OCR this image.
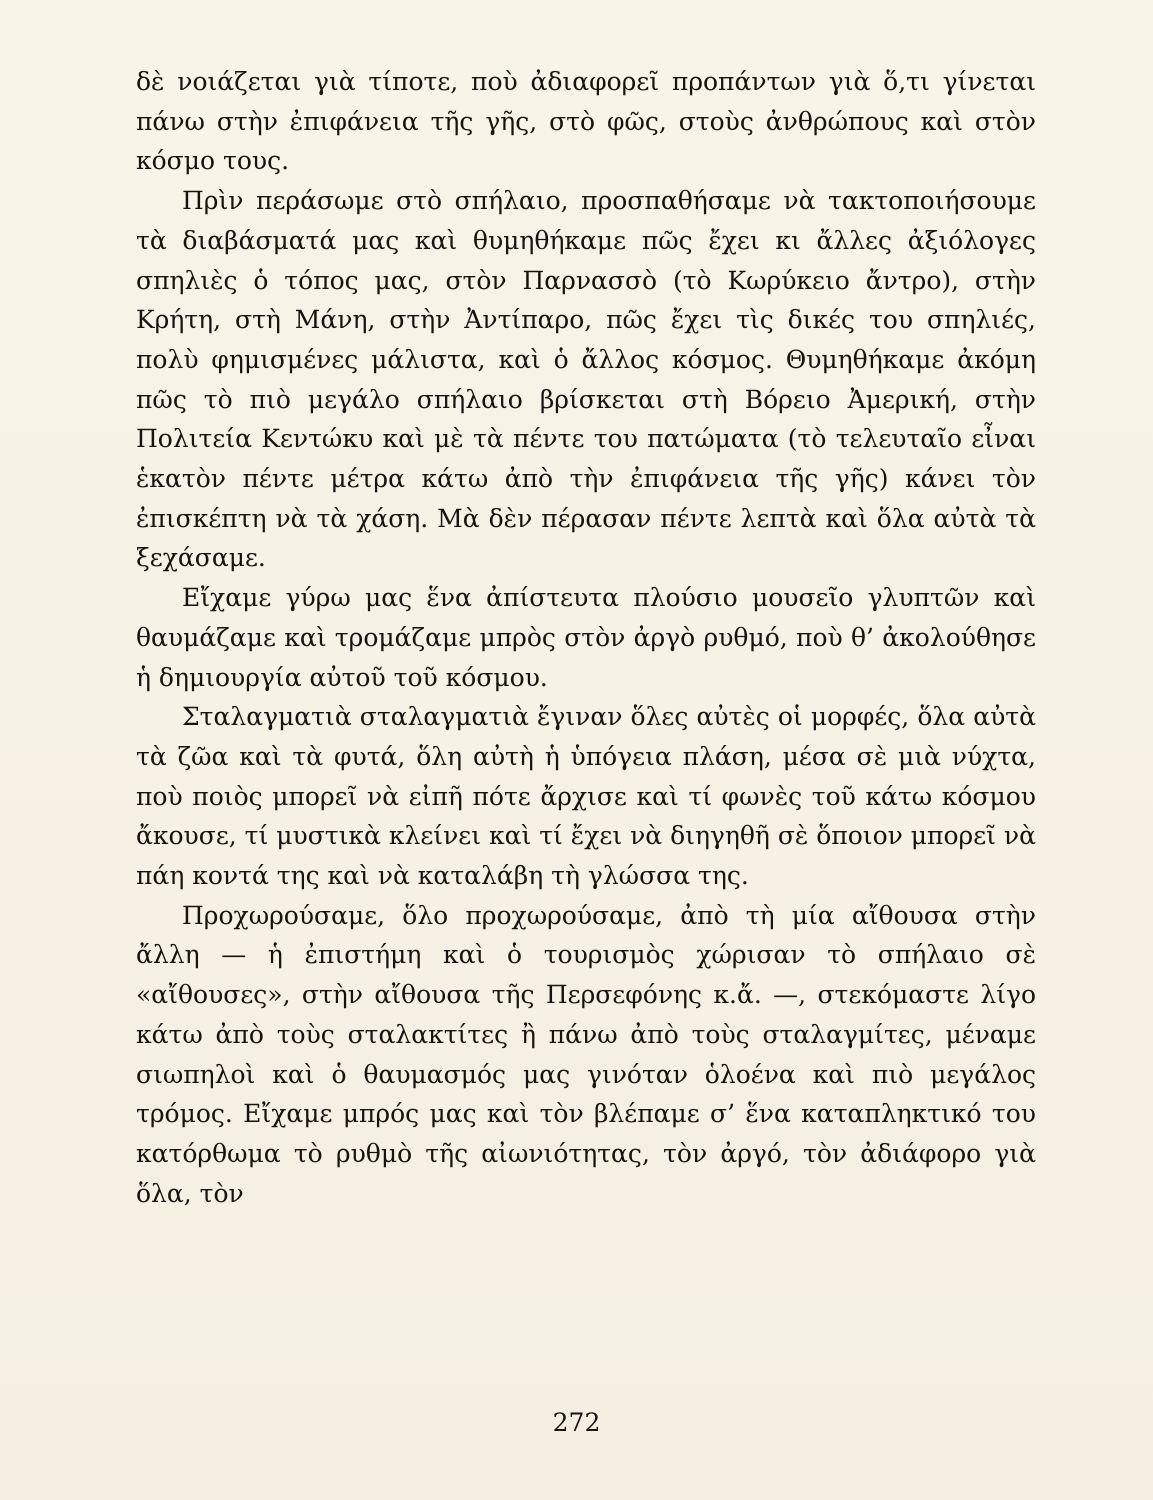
δὲ νοιάζεται γιὰ τίποτε, ποὺ ἀδιαφορεῖ προπάντων γιὰ ὅ,τι γίνεται πάνω στὴν ἐπιφάνεια τῆς γῆς, στὸ φῶς, στοὺς ἀνθρώπους καὶ στὸν κόσμο τους.

Πρὶν περάσωμε στὸ σπήλαιο, προσπαθήσαμε νὰ τακτοποιήσουμε τὰ διαβάσματά μας καὶ θυμηθήκαμε πῶς ἔχει κι ἄλλες ἀξιόλογες σπηλιὲς ὁ τόπος μας, στὸν Παρνασσὸ (τὸ Κωρύκειο ἄντρο), στὴν Κρήτη, στὴ Μάνη, στὴν Ἀντίπαρο, πῶς ἔχει τὶς δικές του σπηλιές, πολὺ φημισμένες μάλιστα, καὶ ὁ ἄλλος κόσμος. Θυμηθήκαμε ἀκόμη πῶς τὸ πιὸ μεγάλο σπήλαιο βρίσκεται στὴ Βόρειο Ἀμερική, στὴν Πολιτεία Κεντώκυ καὶ μὲ τὰ πέντε του πατώματα (τὸ τελευταῖο εἶναι ἑκατὸν πέντε μέτρα κάτω ἀπὸ τὴν ἐπιφάνεια τῆς γῆς) κάνει τὸν ἐπισκέπτη νὰ τὰ χάση. Μὰ δὲν πέρασαν πέντε λεπτὰ καὶ ὅλα αὐτὰ τὰ ξεχάσαμε.

Εἴχαμε γύρω μας ἕνα ἀπίστευτα πλούσιο μουσεῖο γλυπτῶν καὶ θαυμάζαμε καὶ τρομάζαμε μπρὸς στὸν ἀργὸ ρυθμό, ποὺ θ’ ἀκολούθησε ἡ δημιουργία αὐτοῦ τοῦ κόσμου.

Σταλαγματιὰ σταλαγματιὰ ἔγιναν ὅλες αὐτὲς οἱ μορφές, ὅλα αὐτὰ τὰ ζῶα καὶ τὰ φυτά, ὅλη αὐτὴ ἡ ὑπόγεια πλάση, μέσα σὲ μιὰ νύχτα, ποὺ ποιὸς μπορεῖ νὰ εἰπῆ πότε ἄρχισε καὶ τί φωνὲς τοῦ κάτω κόσμου ἄκουσε, τί μυστικὰ κλείνει καὶ τί ἔχει νὰ διηγηθῆ σὲ ὅποιον μπορεῖ νὰ πάη κοντά της καὶ νὰ καταλάβη τὴ γλώσσα της.

Προχωρούσαμε, ὅλο προχωρούσαμε, ἀπὸ τὴ μία αἴθουσα στὴν ἄλλη — ἡ ἐπιστήμη καὶ ὁ τουρισμὸς χώρισαν τὸ σπήλαιο σὲ «αἴθουσες», στὴν αἴθουσα τῆς Περσεφόνης κ.ἄ. —, στεκόμαστε λίγο κάτω ἀπὸ τοὺς σταλακτίτες ἢ πάνω ἀπὸ τοὺς σταλαγμίτες, μέναμε σιωπηλοὶ καὶ ὁ θαυμασμός μας γινόταν ὁλοένα καὶ πιὸ μεγάλος τρόμος. Εἴχαμε μπρός μας καὶ τὸν βλέπαμε σ’ ἕνα καταπληκτικό του κατόρθωμα τὸ ρυθμὸ τῆς αἰωνιότητας, τὸν ἀργό, τὸν ἀδιάφορο γιὰ ὅλα, τὸν

272
